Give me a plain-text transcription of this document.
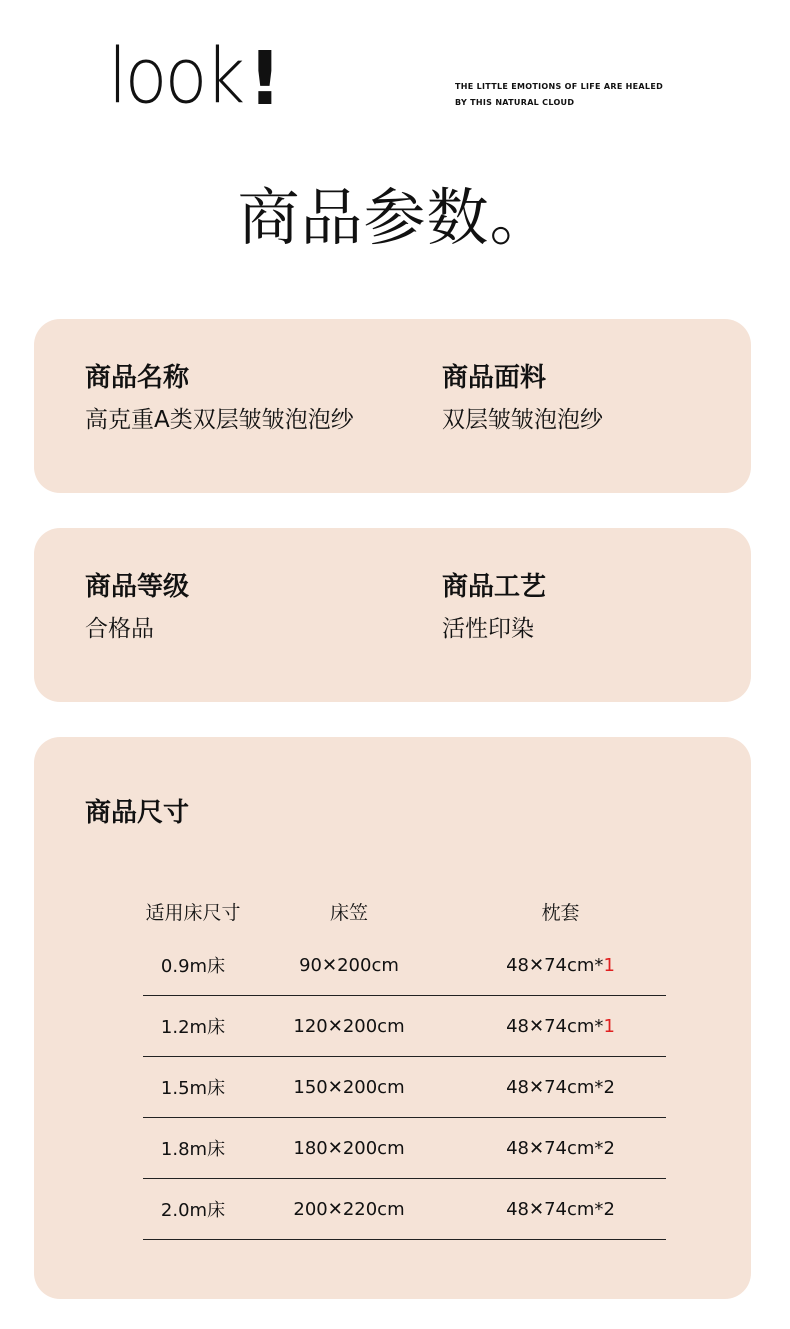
look !	THE LITTLE EMOTIONS OF LIFE ARE HEALED
BY THIS NATURAL CLOUD
商品参数。
商品名称
高克重A类双层皱皱泡泡纱
商品面料
双层皱皱泡泡纱
商品等级
合格品
商品工艺
活性印染
商品尺寸
适用床尺寸	床笠	枕套
0.9m床	90✕200cm	48✕74cm*1
1.2m床	120✕200cm	48✕74cm*1
1.5m床	150✕200cm	48✕74cm*2
1.8m床	180✕200cm	48✕74cm*2
2.0m床	200✕220cm	48✕74cm*2
